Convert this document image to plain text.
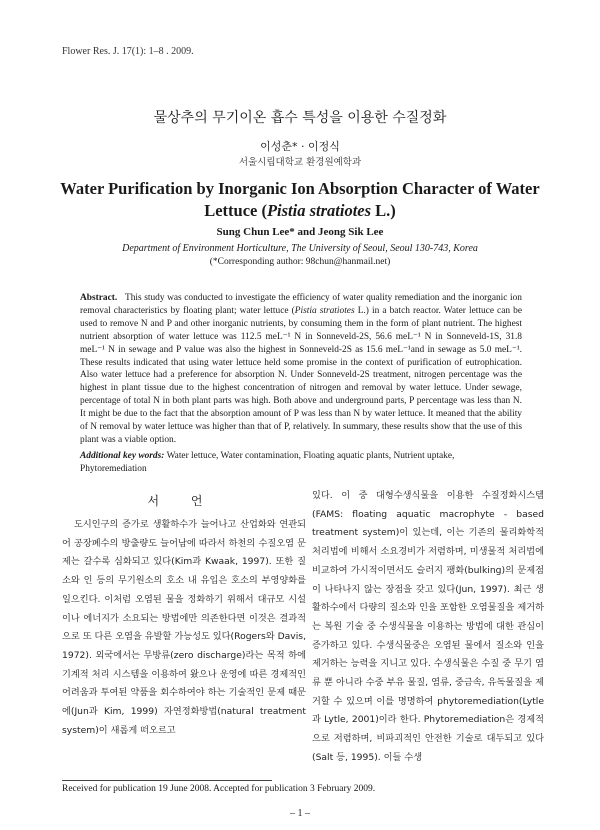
Flower Res. J. 17(1): 1–8 . 2009.
물상추의 무기이온 흡수 특성을 이용한 수질정화
이성춘* · 이정식
서울시립대학교 환경원예학과
Water Purification by Inorganic Ion Absorption Character of Water
Lettuce (Pistia stratiotes L.)
Sung Chun Lee* and Jeong Sik Lee
Department of Environment Horticulture, The University of Seoul, Seoul 130-743, Korea
(*Corresponding author: 98chun@hanmail.net)
Abstract. This study was conducted to investigate the efficiency of water quality remediation and the inorganic ion removal characteristics by floating plant; water lettuce (Pistia stratiotes L.) in a batch reactor. Water lettuce can be used to remove N and P and other inorganic nutrients, by consuming them in the form of plant nutrient. The highest nutrient absorption of water lettuce was 112.5 meL⁻¹ N in Sonneveld-2S, 56.6 meL⁻¹ N in Sonneveld-1S, 31.8 meL⁻¹ N in sewage and P value was also the highest in Sonneveld-2S as 15.6 meL⁻¹and in sewage as 5.0 meL⁻¹. These results indicated that using water lettuce held some promise in the context of purification of eutrophication. Also water lettuce had a preference for absorption N. Under Sonneveld-2S treatment, nitrogen percentage was the highest in plant tissue due to the highest concentration of nitrogen and removal by water lettuce. Under sewage, percentage of total N in both plant parts was high. Both above and underground parts, P percentage was less than N. It might be due to the fact that the absorption amount of P was less than N by water lettuce. It meaned that the ability of N removal by water lettuce was higher than that of P, relatively. In summary, these results show that the use of this plant was a viable option.
Additional key words: Water lettuce, Water contamination, Floating aquatic plants, Nutrient uptake, Phytoremediation
서 언

도시인구의 증가로 생활하수가 늘어나고 산업화와 연관되어 공장폐수의 방출량도 늘어남에 따라서 하천의 수질오염 문제는 갈수록 심화되고 있다(Kim과 Kwaak, 1997). 또한 질소와 인 등의 무기원소의 호소 내 유입은 호소의 부영양화를 일으킨다. 이처럼 오염된 물을 정화하기 위해서 대규모 시설이나 에너지가 소요되는 방법에만 의존한다면 이것은 결과적으로 또 다른 오염을 유발할 가능성도 있다(Rogers와 Davis, 1972). 외국에서는 무방류(zero discharge)라는 목적 하에 기계적 처리 시스템을 이용하여 왔으나 운영에 따른 경제적인 어려움과 투여된 약품을 회수하여야 하는 기술적인 문제 때문에(Jun과 Kim, 1999) 자연정화방법(natural treatment system)이 새롭게 떠오르고

있다. 이 중 대형수생식물을 이용한 수질정화시스템(FAMS: floating aquatic macrophyte - based treatment system)이 있는데, 이는 기존의 물리화학적 처리법에 비해서 소요경비가 저렴하며, 미생물적 처리법에 비교하여 가시적이면서도 슬러지 팽화(bulking)의 문제점이 나타나지 않는 장점을 갖고 있다(Jun, 1997). 최근 생활하수에서 다량의 질소와 인을 포함한 오염물질을 제거하는 복원 기술 중 수생식물을 이용하는 방법에 대한 관심이 증가하고 있다. 수생식물중은 오염된 물에서 질소와 인을 제거하는 능력을 지니고 있다. 수생식물은 수질 중 무기 염류 뿐 아니라 수중 부유 물질, 염류, 중금속, 유독물질을 제거할 수 있으며 이를 명명하여 phytoremediation(Lytle과 Lytle, 2001)이라 한다. Phytoremediation은 경제적으로 저렴하며, 비파괴적인 안전한 기술로 대두되고 있다(Salt 등, 1995). 이들 수생

Received for publication 19 June 2008. Accepted for publication 3 February 2009.
– 1 –
